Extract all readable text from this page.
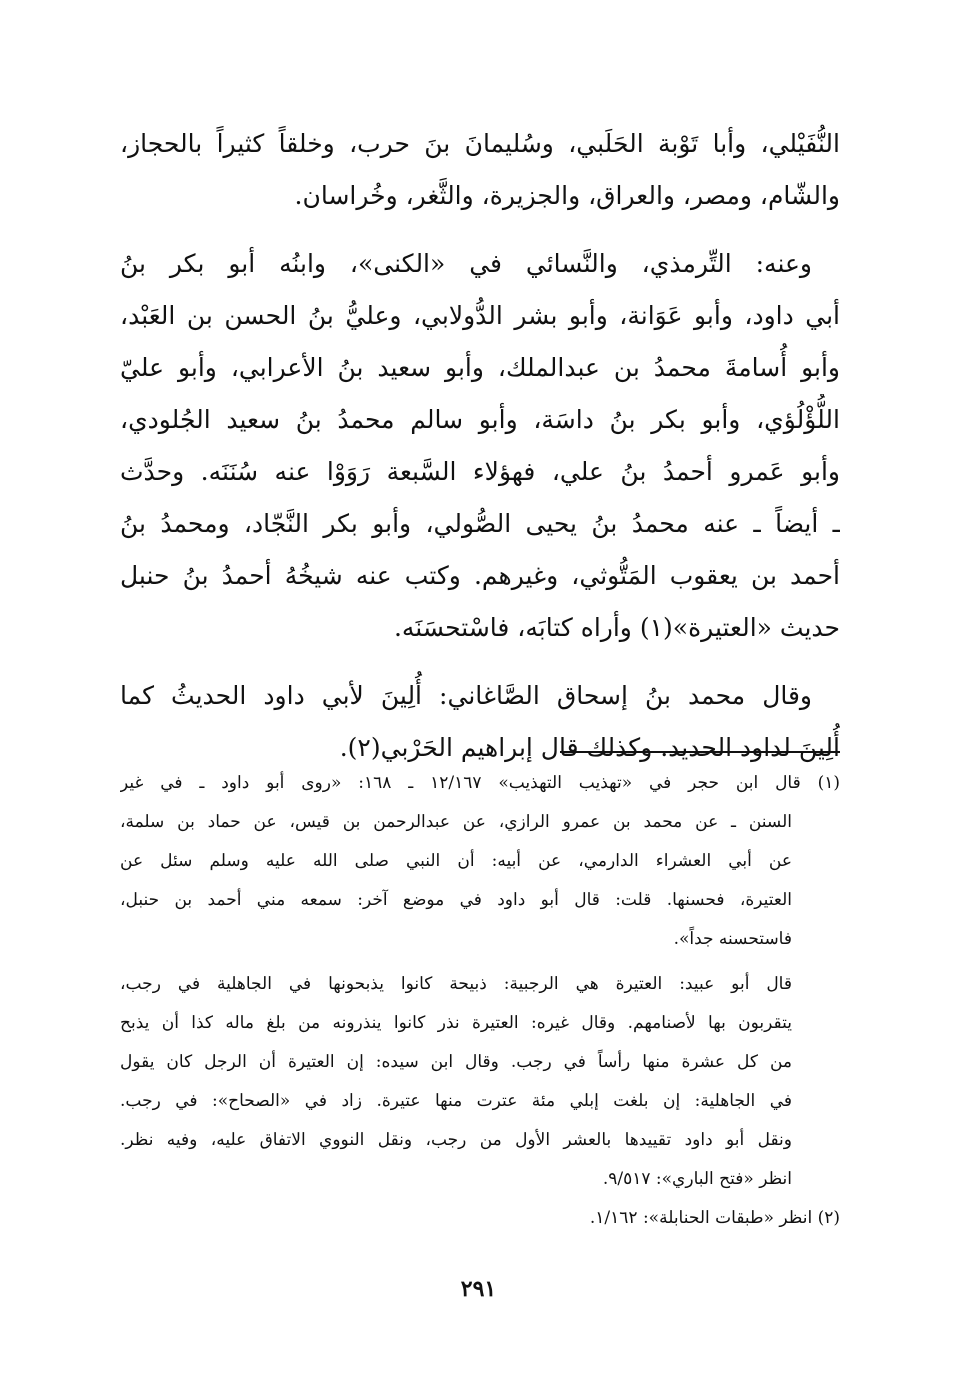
النُّفَيْلي، وأبا تَوْبة الحَلَبي، وسُليمانَ بنَ حرب، وخلقاً كثيراً بالحجاز،
والشّام، ومصر، والعراق، والجزيرة، والثَّغر، وخُراسان.
وعنه: التِّرمذي، والنَّسائي في «الكنى»، وابنُه أبو بكر بنُ
أبي داود، وأبو عَوَانة، وأبو بشر الدُّولابي، وعليُّ بنُ الحسن بن العَبْد،
وأبو أُسامةَ محمدُ بن عبدالملك، وأبو سعيد بنُ الأعرابي، وأبو عليّ
اللُّؤْلُؤي، وأبو بكر بنُ داسَة، وأبو سالم محمدُ بنُ سعيد الجُلودي،
وأبو عَمرو أحمدُ بنُ علي، فهؤلاء السَّبعة رَوَوْا عنه سُنَنَه. وحدَّث
ـ أيضاً ـ عنه محمدُ بنُ يحيى الصُّولي، وأبو بكر النَّجّاد، ومحمدُ بنُ
أحمد بن يعقوب المَتُّوثي، وغيرهم. وكتب عنه شيخُهُ أحمدُ بنُ حنبل
حديث «العتيرة»(١) وأراه كتابَه، فاسْتحسَنَه.
وقال محمد بنُ إسحاق الصَّاغاني: أُلِينَ لأبي داود الحديثُ كما
أُلِينَ لداود الحديد. وكذلك قال إبراهيم الحَرْبي(٢).
(١) قال ابن حجر في «تهذيب التهذيب» ١٢/١٦٧ ـ ١٦٨: «روى أبو داود ـ في غير
السنن ـ عن محمد بن عمرو الرازي، عن عبدالرحمن بن قيس، عن حماد بن سلمة،
عن أبي العشراء الدارمي، عن أبيه: أن النبي صلى الله عليه وسلم سئل عن
العتيرة، فحسنها. قلت: قال أبو داود في موضع آخر: سمعه مني أحمد بن حنبل،
فاستحسنه جداً».
قال أبو عبيد: العتيرة هي الرجبية: ذبيحة كانوا يذبحونها في الجاهلية في رجب،
يتقربون بها لأصنامهم. وقال غيره: العتيرة نذر كانوا ينذرونه من بلغ ماله كذا أن يذبح
من كل عشرة منها رأساً في رجب. وقال ابن سيده: إن العتيرة أن الرجل كان يقول
في الجاهلية: إن بلغت إبلي مئة عترت منها عتيرة. زاد في «الصحاح»: في رجب.
ونقل أبو داود تقييدها بالعشر الأول من رجب، ونقل النووي الاتفاق عليه، وفيه نظر.
انظر «فتح الباري»: ٩/٥١٧.
(٢) انظر «طبقات الحنابلة»: ١/١٦٢.
٢٩١
